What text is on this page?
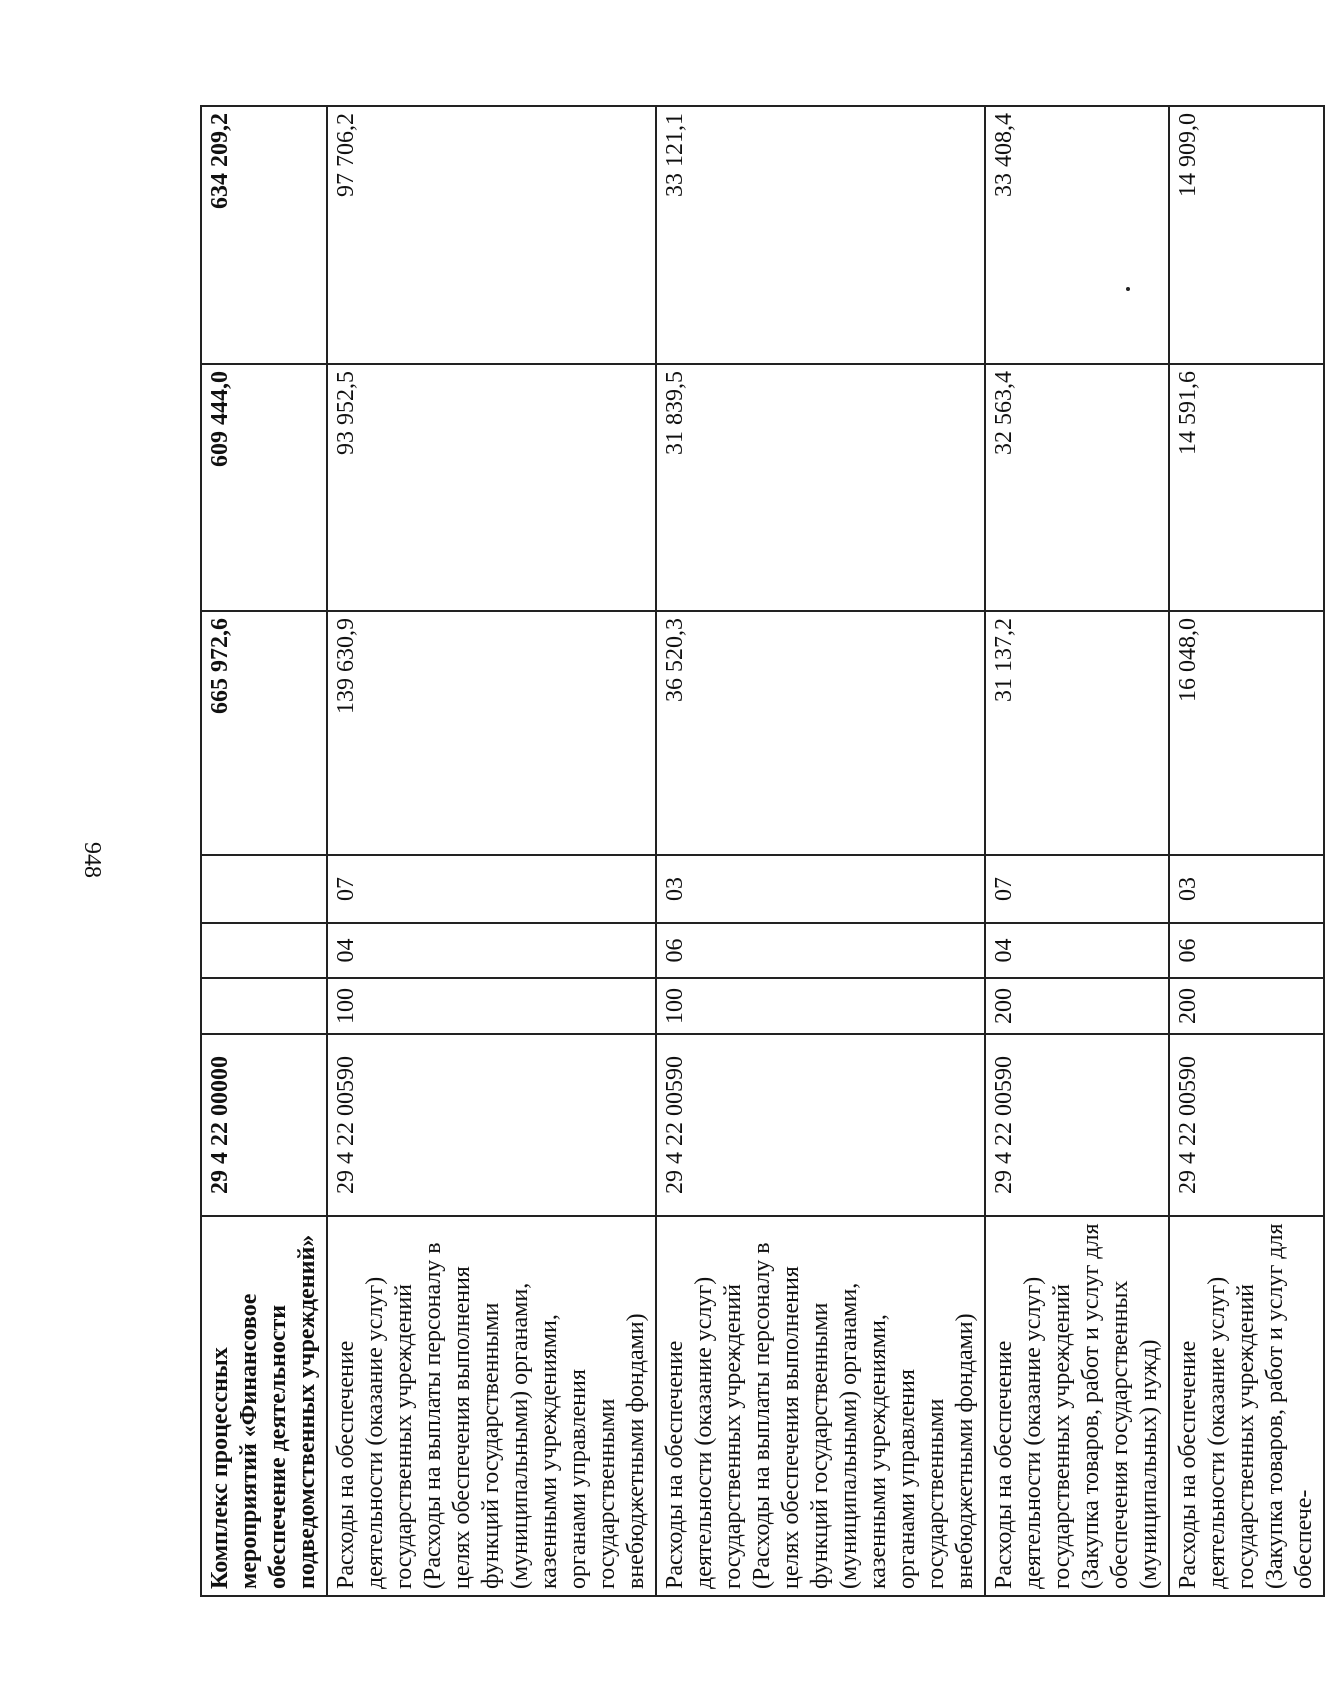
948
Комплекс процессных мероприятий «Финансовое обеспечение деятельности подведомственных учреждений»	29 4 22 00000				665 972,6	609 444,0	634 209,2
Расходы на обеспечение деятельности (оказание услуг) государственных учреждений (Расходы на выплаты персоналу в целях обеспечения выполнения функций государственными (муниципальными) органами, казенными учреждениями, органами управления государственными внебюджетными фондами)	29 4 22 00590	100	04	07	139 630,9	93 952,5	97 706,2
Расходы на обеспечение деятельности (оказание услуг) государственных учреждений (Расходы на выплаты персоналу в целях обеспечения выполнения функций государственными (муниципальными) органами, казенными учреждениями, органами управления государственными внебюджетными фондами)	29 4 22 00590	100	06	03	36 520,3	31 839,5	33 121,1
Расходы на обеспечение деятельности (оказание услуг) государственных учреждений (Закупка товаров, работ и услуг для обеспечения государственных (муниципальных) нужд)	29 4 22 00590	200	04	07	31 137,2	32 563,4	33 408,4
Расходы на обеспечение деятельности (оказание услуг) государственных учреждений (Закупка товаров, работ и услуг для обеспече-	29 4 22 00590	200	06	03	16 048,0	14 591,6	14 909,0
